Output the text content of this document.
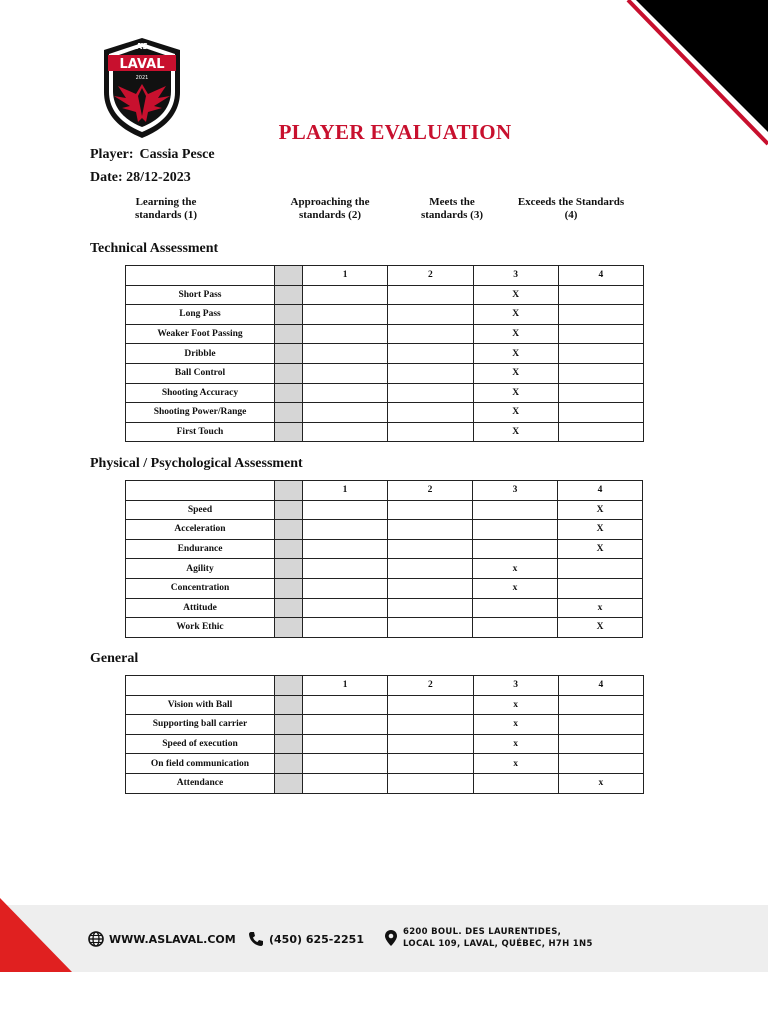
AS
LAVAL
2021
PLAYER EVALUATION
Player: Cassia Pesce
Date: 28/12-2023
Learning the
standards (1)
Approaching the
standards (2)
Meets the
standards (3)
Exceeds the Standards
(4)
Technical Assessment
		1	2	3	4
Short Pass				X	
Long Pass				X	
Weaker Foot Passing				X	
Dribble				X	
Ball Control				X	
Shooting Accuracy				X	
Shooting Power/Range				X	
First Touch				X	
Physical / Psychological Assessment
		1	2	3	4
Speed					X
Acceleration					X
Endurance					X
Agility				x	
Concentration				x	
Attitude					x
Work Ethic					X
General
		1	2	3	4
Vision with Ball				x	
Supporting ball carrier				x	
Speed of execution				x	
On field communication				x	
Attendance					x
WWW.ASLAVAL.COM	(450) 625-2251
6200 BOUL. DES LAURENTIDES,
LOCAL 109, LAVAL, QUÉBEC, H7H 1N5
